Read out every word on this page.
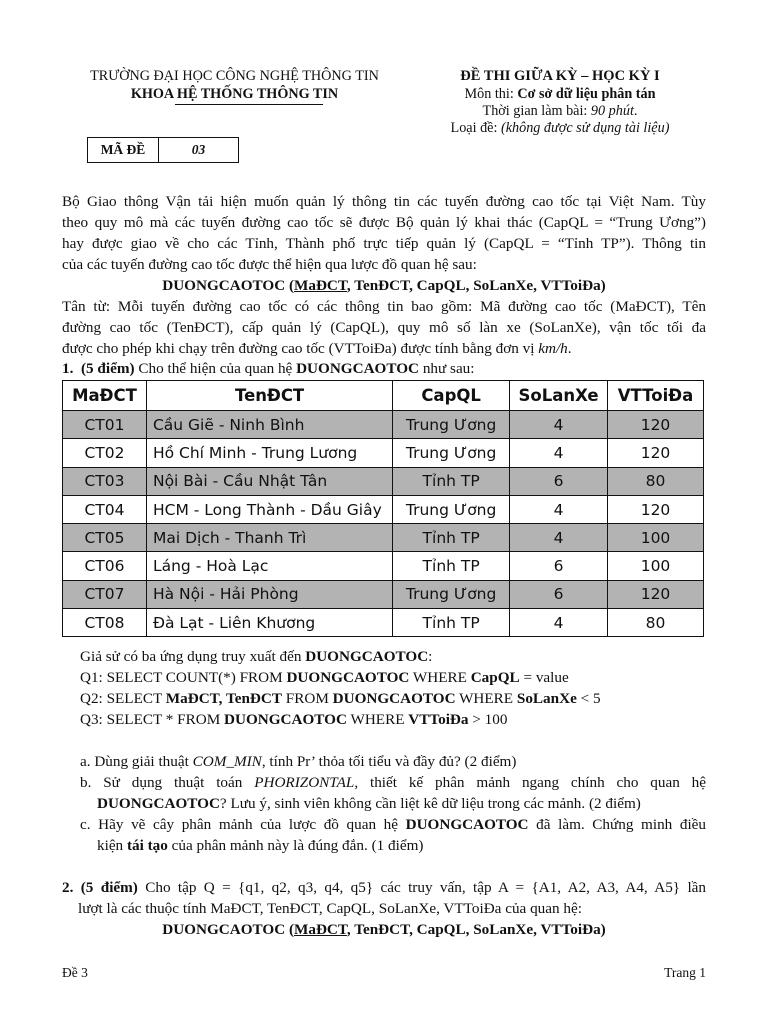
TRƯỜNG ĐẠI HỌC CÔNG NGHỆ THÔNG TIN
KHOA HỆ THỐNG THÔNG TIN
MÃ ĐỀ	03
ĐỀ THI GIỮA KỲ – HỌC KỲ I
Môn thi: Cơ sở dữ liệu phân tán
Thời gian làm bài: 90 phút.
Loại đề: (không được sử dụng tài liệu)
Bộ Giao thông Vận tải hiện muốn quản lý thông tin các tuyến đường cao tốc tại Việt Nam. Tùy
theo quy mô mà các tuyến đường cao tốc sẽ được Bộ quản lý khai thác (CapQL = “Trung Ương”)
hay được giao về cho các Tỉnh, Thành phố trực tiếp quản lý (CapQL = “Tỉnh TP”). Thông tin
của các tuyến đường cao tốc được thể hiện qua lược đồ quan hệ sau:
DUONGCAOTOC (MaĐCT, TenĐCT, CapQL, SoLanXe, VTToiĐa)
Tân từ: Mỗi tuyến đường cao tốc có các thông tin bao gồm: Mã đường cao tốc (MaĐCT), Tên
đường cao tốc (TenĐCT), cấp quản lý (CapQL), quy mô số làn xe (SoLanXe), vận tốc tối đa
được cho phép khi chạy trên đường cao tốc (VTToiĐa) được tính bằng đơn vị km/h.
1. (5 điểm) Cho thể hiện của quan hệ DUONGCAOTOC như sau:
MaĐCT	TenĐCT	CapQL	SoLanXe	VTToiĐa
CT01	Cầu Giẽ - Ninh Bình	Trung Ương	4	120
CT02	Hồ Chí Minh - Trung Lương	Trung Ương	4	120
CT03	Nội Bài - Cầu Nhật Tân	Tỉnh TP	6	80
CT04	HCM - Long Thành - Dầu Giây	Trung Ương	4	120
CT05	Mai Dịch - Thanh Trì	Tỉnh TP	4	100
CT06	Láng - Hoà Lạc	Tỉnh TP	6	100
CT07	Hà Nội - Hải Phòng	Trung Ương	6	120
CT08	Đà Lạt - Liên Khương	Tỉnh TP	4	80
Giả sử có ba ứng dụng truy xuất đến DUONGCAOTOC:
Q1: SELECT COUNT(*) FROM DUONGCAOTOC WHERE CapQL = value
Q2: SELECT MaĐCT, TenĐCT FROM DUONGCAOTOC WHERE SoLanXe < 5
Q3: SELECT * FROM DUONGCAOTOC WHERE VTToiĐa > 100
a. Dùng giải thuật COM_MIN, tính Pr’ thỏa tối tiểu và đầy đủ? (2 điểm)
b. Sử dụng thuật toán PHORIZONTAL, thiết kế phân mảnh ngang chính cho quan hệ
DUONGCAOTOC? Lưu ý, sinh viên không cần liệt kê dữ liệu trong các mảnh. (2 điểm)
c. Hãy vẽ cây phân mảnh của lược đồ quan hệ DUONGCAOTOC đã làm. Chứng minh điều
kiện tái tạo của phân mảnh này là đúng đắn. (1 điểm)
2. (5 điểm) Cho tập Q = {q1, q2, q3, q4, q5} các truy vấn, tập A = {A1, A2, A3, A4, A5} lần
lượt là các thuộc tính MaĐCT, TenĐCT, CapQL, SoLanXe, VTToiĐa của quan hệ:
DUONGCAOTOC (MaĐCT, TenĐCT, CapQL, SoLanXe, VTToiĐa)
Đề 3	Trang 1
